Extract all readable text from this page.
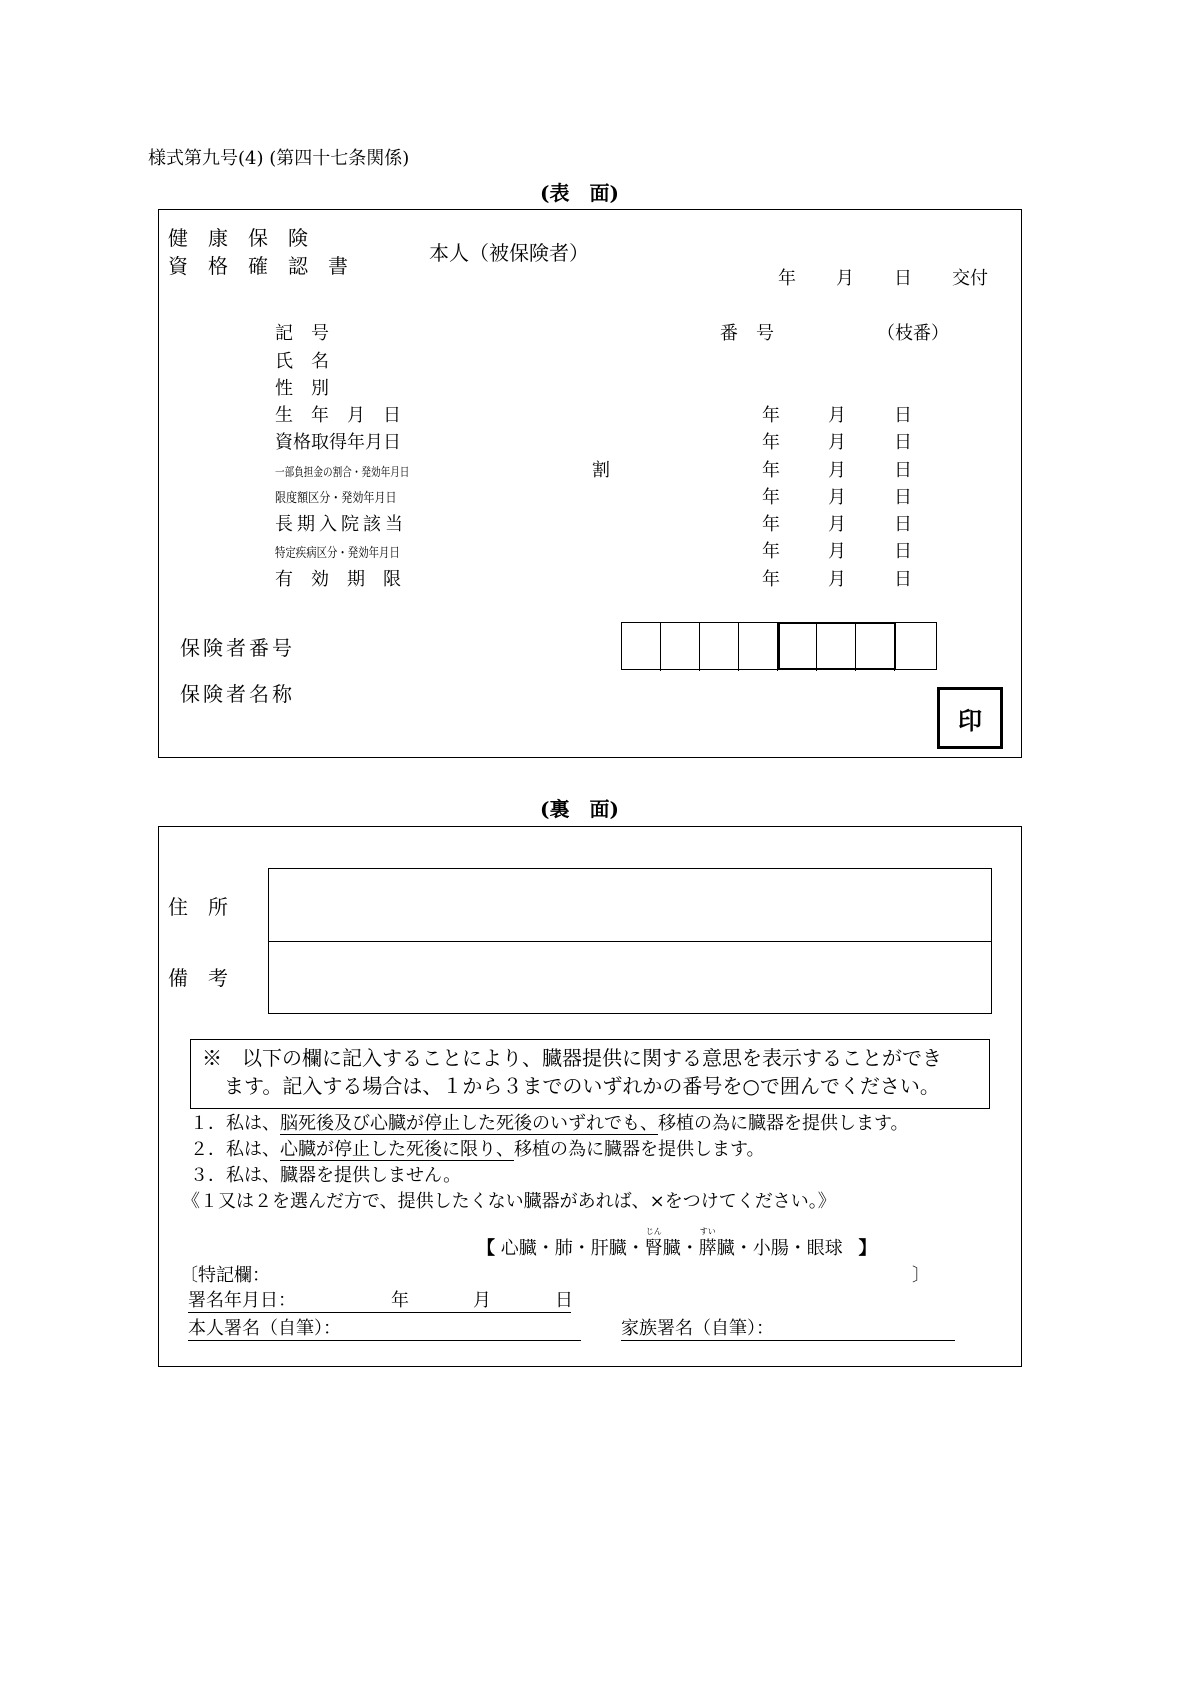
様式第九号(4) (第四十七条関係)
(表　面)
健　康　保　険
資　格　確　認　書
本人（被保険者）
年 月 日 交付
記　号	番　号	（枝番）
氏　名
性　別
生　年　月　日	年	月	日
資格取得年月日	年	月	日
一部負担金の割合・発効年月日	割	年	月	日
限度額区分・発効年月日	年	月	日
長期入院該当	年	月	日
特定疾病区分・発効年月日	年	月	日
有　効　期　限	年	月	日
保険者番号
保険者名称
印
(裏　面)
住　所
備　考
※　以下の欄に記入することにより、臓器提供に関する意思を表示することができ
ます。記入する場合は、１から３までのいずれかの番号を○で囲んでください。
１．私は、脳死後及び心臓が停止した死後のいずれでも、移植の為に臓器を提供します。
２．私は、心臓が停止した死後に限り、移植の為に臓器を提供します。
３．私は、臓器を提供しません。
《１又は２を選んだ方で、提供したくない臓器があれば、×をつけてください。》
【 心臓・肺・肝臓・
じん
腎臓・
すい
膵臓・小腸・眼球 】
〔特記欄：	〕
署名年月日：	年	月	日
本人署名（自筆）：	家族署名（自筆）：
